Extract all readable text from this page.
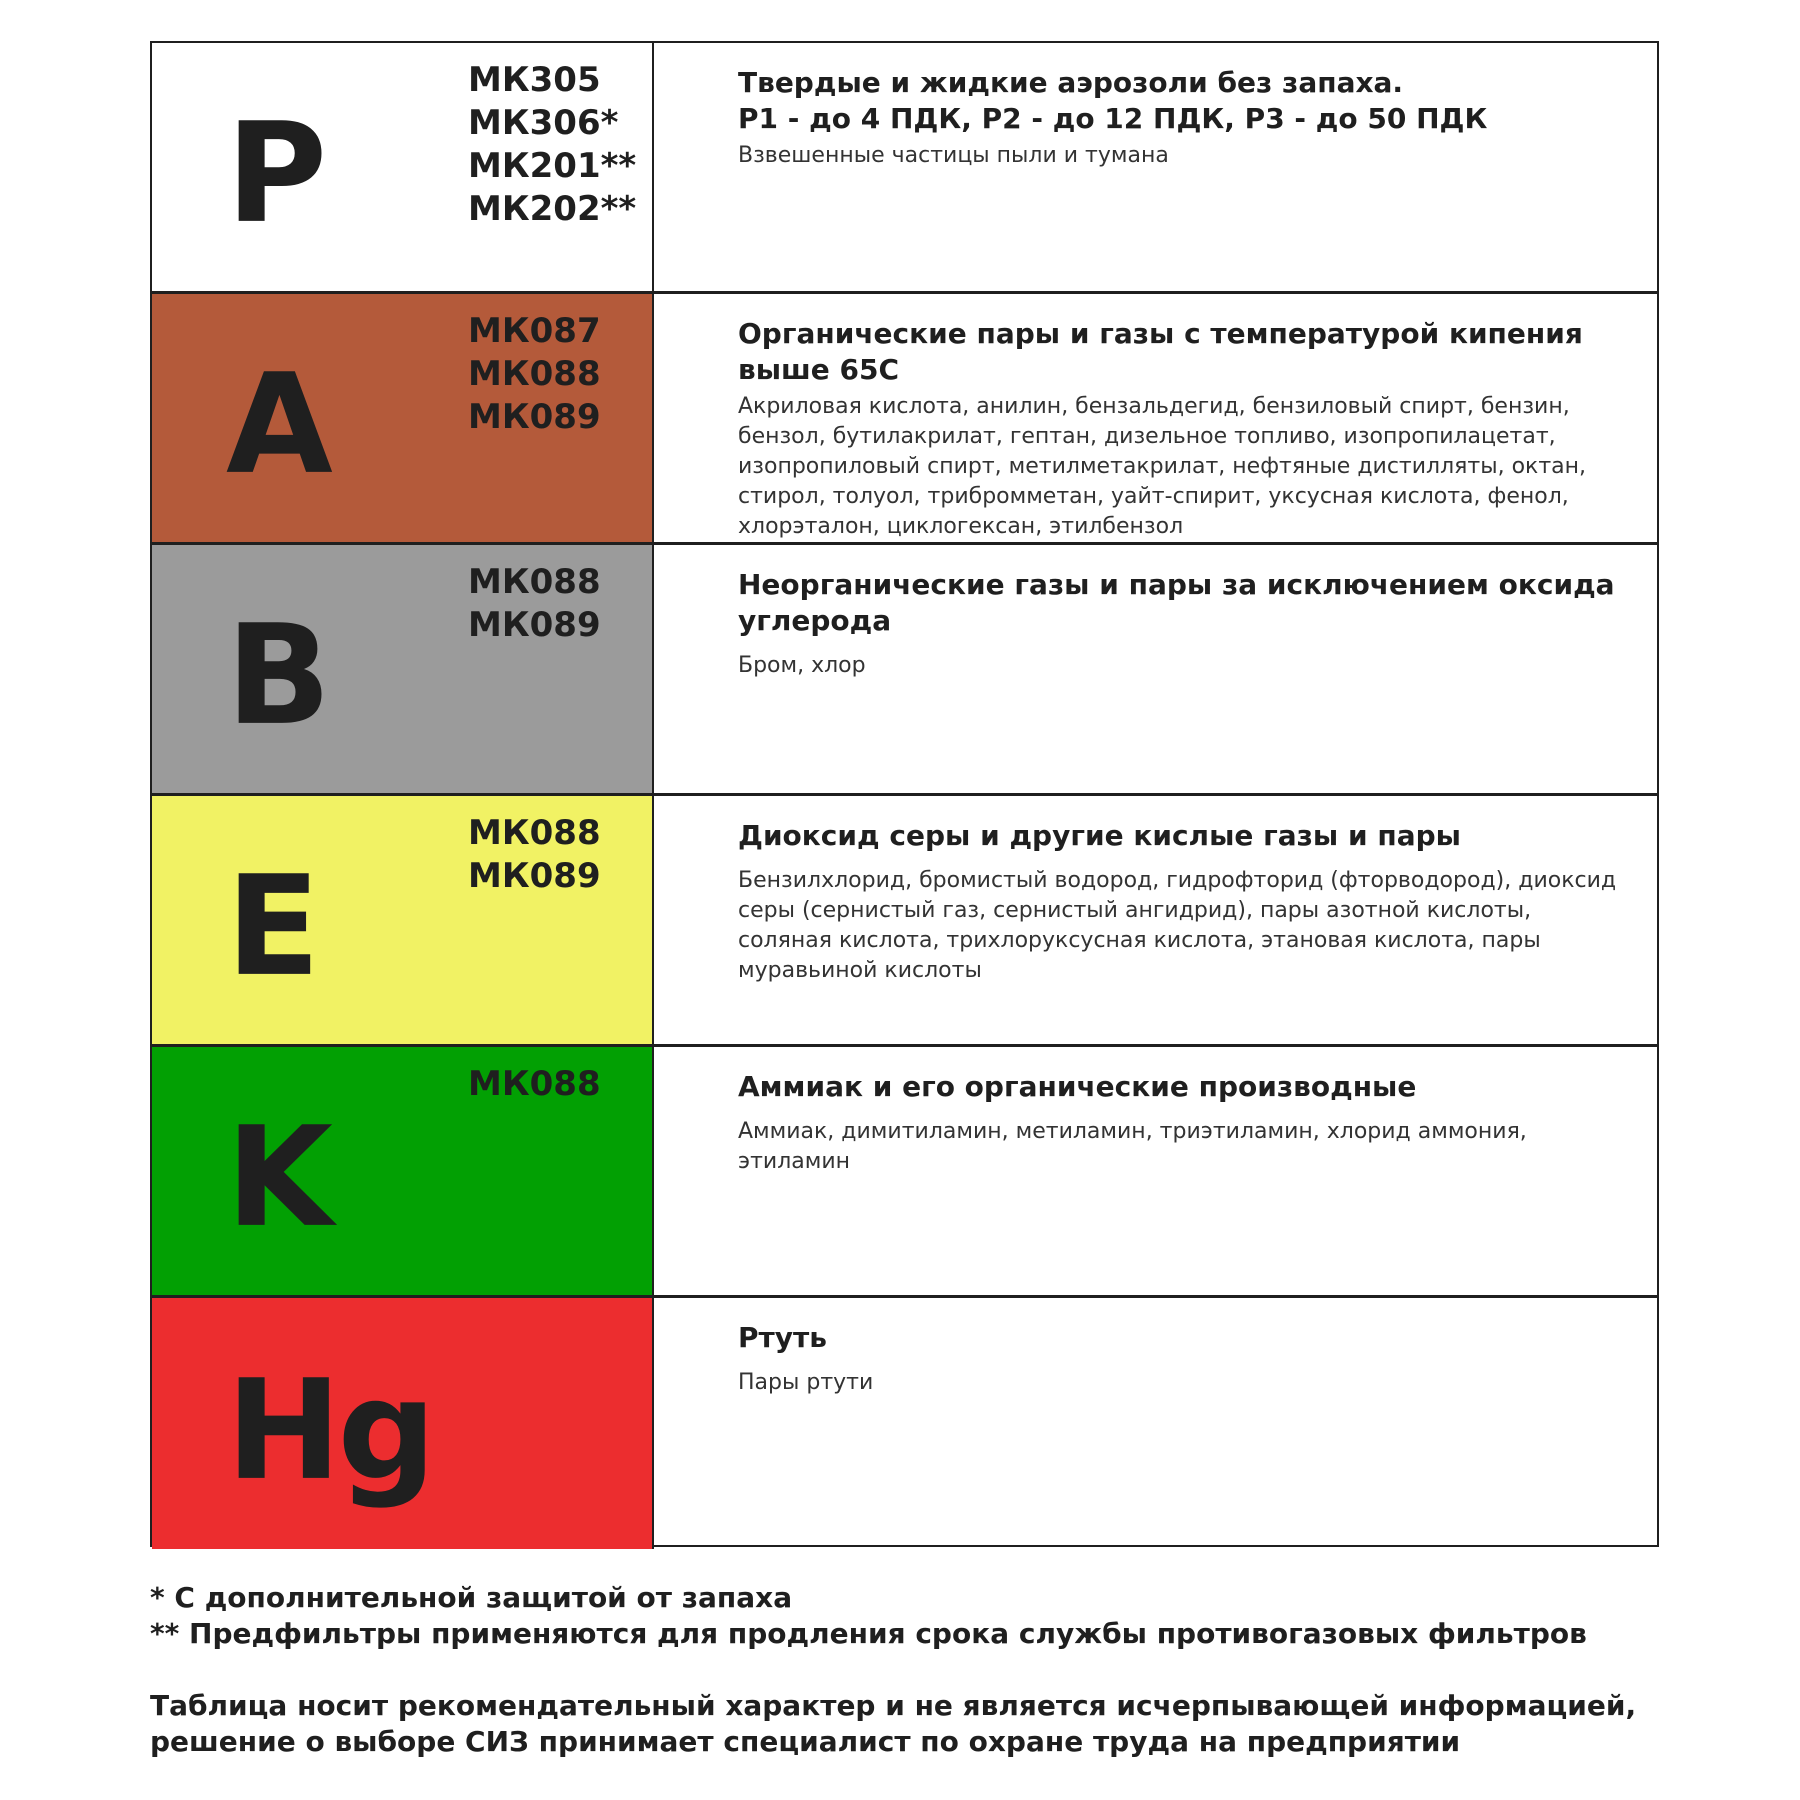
P
МК305
МК306*
МК201**
МК202**
Твердые и жидкие аэрозоли без запаха.
Р1 - до 4 ПДК, Р2 - до 12 ПДК, Р3 - до 50 ПДК
Взвешенные частицы пыли и тумана
A
МК087
МК088
МК089
Органические пары и газы с температурой кипения выше 65С
Акриловая кислота, анилин, бензальдегид, бензиловый спирт, бензин, бензол, бутилакрилат, гептан, дизельное топливо, изопропилацетат, изопропиловый спирт, метилметакрилат, нефтяные дистилляты, октан, стирол, толуол, трибромметан, уайт-спирит, уксусная кислота, фенол, хлорэталон, циклогексан, этилбензол
B
МК088
МК089
Неорганические газы и пары за исключением оксида углерода
Бром, хлор
E
МК088
МК089
Диоксид серы и другие кислые газы и пары
Бензилхлорид, бромистый водород, гидрофторид (фторводород), диоксид серы (сернистый газ, сернистый ангидрид), пары азотной кислоты, соляная кислота, трихлоруксусная кислота, этановая кислота, пары муравьиной кислоты
K
МК088	Аммиак и его органические производные
Аммиак, димитиламин, метиламин, триэтиламин, хлорид аммония, этиламин
Hg
Ртуть
Пары ртути
* С дополнительной защитой от запаха
** Предфильтры применяются для продления срока службы противогазовых фильтров
Таблица носит рекомендательный характер и не является исчерпывающей информацией, решение о выборе СИЗ принимает специалист по охране труда на предприятии
